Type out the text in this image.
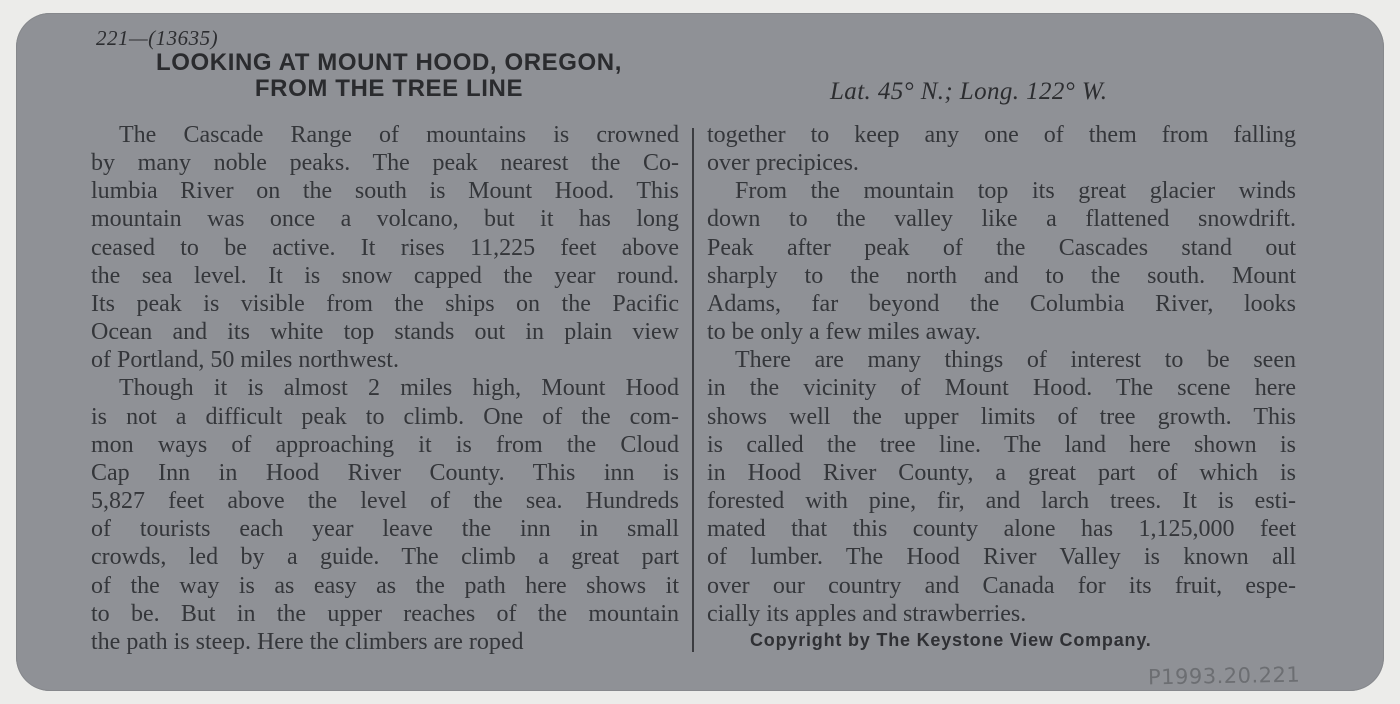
221—(13635)
LOOKING AT MOUNT HOOD, OREGON,
FROM THE TREE LINE	Lat. 45° N.; Long. 122° W.

The Cascade Range of mountains is crowned
by many noble peaks. The peak nearest the Co-
lumbia River on the south is Mount Hood. This
mountain was once a volcano, but it has long
ceased to be active. It rises 11,225 feet above
the sea level. It is snow capped the year round.
Its peak is visible from the ships on the Pacific
Ocean and its white top stands out in plain view
of Portland, 50 miles northwest.

Though it is almost 2 miles high, Mount Hood
is not a difficult peak to climb. One of the com-
mon ways of approaching it is from the Cloud
Cap Inn in Hood River County. This inn is
5,827 feet above the level of the sea. Hundreds
of tourists each year leave the inn in small
crowds, led by a guide. The climb a great part
of the way is as easy as the path here shows it
to be. But in the upper reaches of the mountain
the path is steep. Here the climbers are roped

together to keep any one of them from falling
over precipices.

From the mountain top its great glacier winds
down to the valley like a flattened snowdrift.
Peak after peak of the Cascades stand out
sharply to the north and to the south. Mount
Adams, far beyond the Columbia River, looks
to be only a few miles away.

There are many things of interest to be seen
in the vicinity of Mount Hood. The scene here
shows well the upper limits of tree growth. This
is called the tree line. The land here shown is
in Hood River County, a great part of which is
forested with pine, fir, and larch trees. It is esti-
mated that this county alone has 1,125,000 feet
of lumber. The Hood River Valley is known all
over our country and Canada for its fruit, espe-
cially its apples and strawberries.

Copyright by The Keystone View Company.
P1993.20.221
